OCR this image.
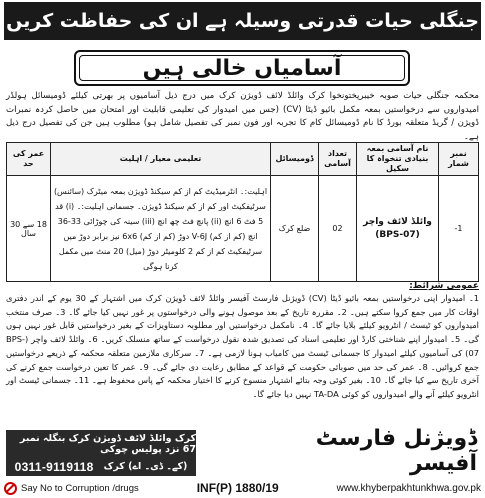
جنگلی حیات قدرتی وسیلہ ہے ان کی حفاظت کریں
آسامیاں خالی ہیں
محکمہ جنگلی حیات صوبہ خیبرپختونخوا کرک وائلڈ لائف ڈویژن کرک میں درج ذیل آسامیوں پر بھرتی کیلئے ڈومیسائل ہولڈر امیدواروں سے درخواستیں بمعہ مکمل بائیو ڈیٹا (CV) (جس میں امیدوار کی تعلیمی قابلیت اور امتحان میں حاصل کردہ نمبرات ڈویژن / گریڈ متعلقہ بورڈ کا نام ڈومیسائل کام کا تجربہ اور فون نمبر کی تفصیل شامل ہو) مطلوب ہیں جن کی تفصیل درج ذیل ہے۔
نمبر شمار	نام آسامی بمعہ بنیادی تنخواہ کا سکیل	تعداد آسامی	ڈومیسائل	تعلیمی معیار / اہلیت	عمر کی حد
1-	وائلڈ لائف واچر
(BPS-07)	02	ضلع کرک	اہلیت:۔ انٹرمیڈیٹ کم از کم سیکنڈ ڈویژن بمعہ میٹرک (سائنس) سرٹیفکیٹ اور کم از کم سیکنڈ ڈویژن۔ جسمانی اہلیت:۔ (i) قد 5 فٹ 6 انچ (ii) پانچ فٹ چھ انچ (iii) سینہ کی چوڑائی 33-36 انچ (کم از کم) V-6J دوڑ (کم از کم) 6x6 نیز برابر دوڑ میں سرٹیفکیٹ کم از کم 2 کلومیٹر دوڑ (میل) 20 منٹ میں مکمل کرنا ہوگی	18 سے 30 سال
عمومی شرائط:
1۔ امیدوار اپنی درخواستیں بمعہ بائیو ڈیٹا (CV) ڈویژنل فارسٹ آفیسر وائلڈ لائف ڈویژن کرک میں اشتہار کے 30 یوم کے اندر دفتری اوقات کار میں جمع کروا سکتے ہیں۔ 2۔ مقررہ تاریخ کے بعد موصول ہونے والی درخواستوں پر غور نہیں کیا جائے گا۔ 3۔ صرف منتخب امیدواروں کو ٹیسٹ / انٹرویو کیلئے بلایا جائے گا۔ 4۔ نامکمل درخواستیں اور مطلوبہ دستاویزات کے بغیر درخواستیں قابل غور نہیں ہوں گی۔ 5۔ امیدوار اپنے شناختی کارڈ اور تعلیمی اسناد کی تصدیق شدہ نقول درخواست کے ساتھ منسلک کریں۔ 6۔ وائلڈ لائف واچر (BPS-07) کی آسامیوں کیلئے امیدوار کا جسمانی ٹیسٹ میں کامیاب ہونا لازمی ہے۔ 7۔ سرکاری ملازمین متعلقہ محکمہ کے ذریعے درخواستیں جمع کروائیں۔ 8۔ عمر کی حد میں صوبائی حکومت کے قواعد کے مطابق رعایت دی جائے گی۔ 9۔ عمر کا تعین درخواست جمع کرنے کی آخری تاریخ سے کیا جائے گا۔ 10۔ بغیر کوئی وجہ بتائے اشتہار منسوخ کرنے کا اختیار محکمہ کے پاس محفوظ ہے۔ 11۔ جسمانی ٹیسٹ اور انٹرویو کیلئے آنے والے امیدواروں کو کوئی TA-DA نہیں دیا جائے گا۔
کرک وائلڈ لائف ڈویژن کرک بنگلہ نمبر 67 نزد پولیس چوکی
(کے۔ ڈی۔ اے) کرک
0311-9119118
ڈویژنل فارسٹ آفیسر
Say No to Corruption /drugs	INF(P) 1880/19	www.khyberpakhtunkhwa.gov.pk
